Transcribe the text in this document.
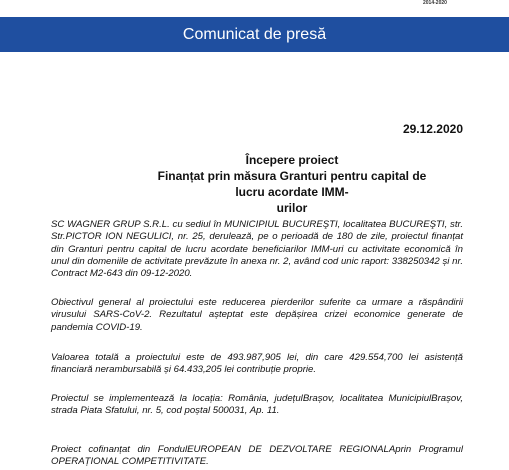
2014-2020
Comunicat de presă
29.12.2020
Începere proiect
Finanțat prin măsura Granturi pentru capital de lucru acordate IMM-
urilor

SC WAGNER GRUP S.R.L. cu sediul în MUNICIPIUL BUCUREŞTI, localitatea BUCUREŞTI, str. Str.PICTOR ION NEGULICI, nr. 25, derulează, pe o perioadă de 180 de zile, proiectul finanțat din Granturi pentru capital de lucru acordate beneficiarilor IMM-uri cu activitate economică în unul din domeniile de activitate prevăzute în anexa nr. 2, având cod unic raport: 338250342 și nr. Contract M2-643 din 09-12-2020.

Obiectivul general al proiectului este reducerea pierderilor suferite ca urmare a răspândirii virusului SARS-CoV-2. Rezultatul așteptat este depășirea crizei economice generate de pandemia COVID-19.

Valoarea totală a proiectului este de 493.987,905 lei, din care 429.554,700 lei asistență financiară nerambursabilă și 64.433,205 lei contribuție proprie.

Proiectul se implementează la locația: România, județulBrașov, localitatea MunicipiulBrașov, strada Piata Sfatului, nr. 5, cod poștal 500031, Ap. 11.

Proiect cofinanțat din FondulEUROPEAN DE DEZVOLTARE REGIONALAprin Programul OPERAȚIONAL COMPETITIVITATE.
